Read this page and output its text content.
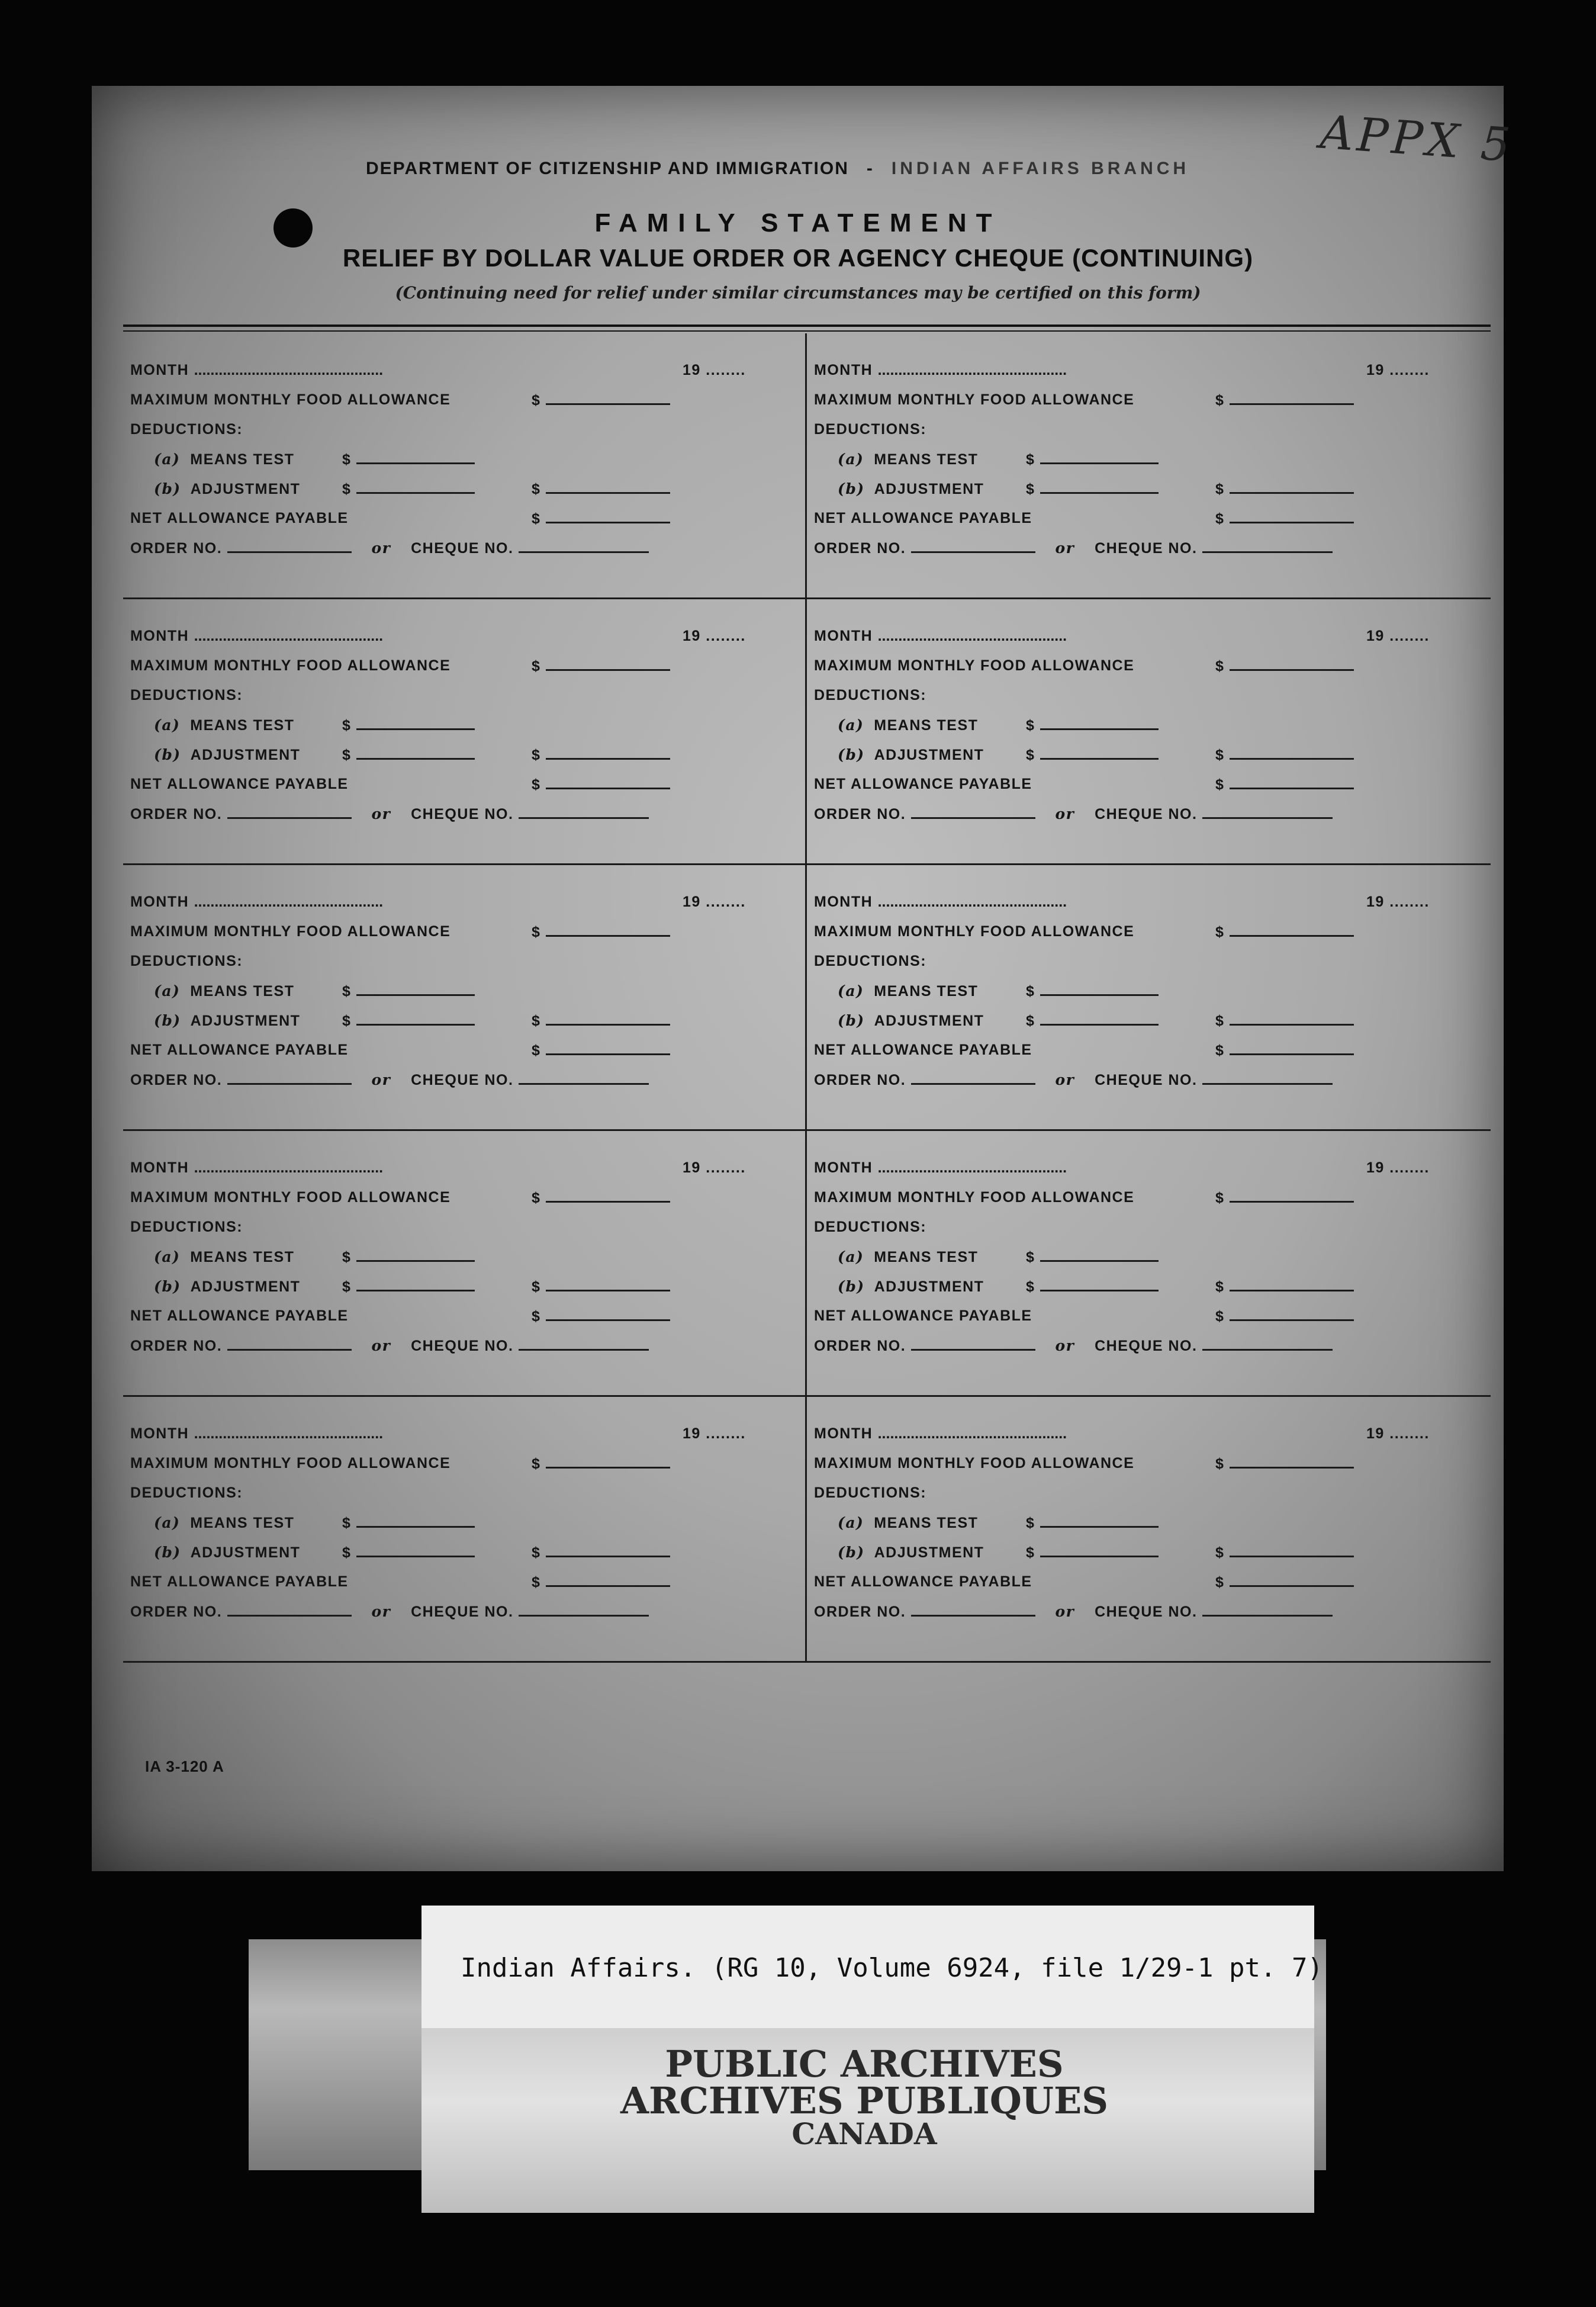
APPX 5
DEPARTMENT OF CITIZENSHIP AND IMMIGRATION - INDIAN AFFAIRS BRANCH
FAMILY STATEMENT
RELIEF BY DOLLAR VALUE ORDER OR AGENCY CHEQUE (CONTINUING)
(Continuing need for relief under similar circumstances may be certified on this form)
MONTH ..............................................	19 ........
MAXIMUM MONTHLY FOOD ALLOWANCE	$
DEDUCTIONS:
(a) MEANS TEST	$
(b) ADJUSTMENT	$	$
NET ALLOWANCE PAYABLE	$
ORDER NO.	or CHEQUE NO.
MONTH ..............................................	19 ........
MAXIMUM MONTHLY FOOD ALLOWANCE	$
DEDUCTIONS:
(a) MEANS TEST	$
(b) ADJUSTMENT	$	$
NET ALLOWANCE PAYABLE	$
ORDER NO.	or CHEQUE NO.
MONTH ..............................................	19 ........
MAXIMUM MONTHLY FOOD ALLOWANCE	$
DEDUCTIONS:
(a) MEANS TEST	$
(b) ADJUSTMENT	$	$
NET ALLOWANCE PAYABLE	$
ORDER NO.	or CHEQUE NO.
MONTH ..............................................	19 ........
MAXIMUM MONTHLY FOOD ALLOWANCE	$
DEDUCTIONS:
(a) MEANS TEST	$
(b) ADJUSTMENT	$	$
NET ALLOWANCE PAYABLE	$
ORDER NO.	or CHEQUE NO.
MONTH ..............................................	19 ........
MAXIMUM MONTHLY FOOD ALLOWANCE	$
DEDUCTIONS:
(a) MEANS TEST	$
(b) ADJUSTMENT	$	$
NET ALLOWANCE PAYABLE	$
ORDER NO.	or CHEQUE NO.
MONTH ..............................................	19 ........
MAXIMUM MONTHLY FOOD ALLOWANCE	$
DEDUCTIONS:
(a) MEANS TEST	$
(b) ADJUSTMENT	$	$
NET ALLOWANCE PAYABLE	$
ORDER NO.	or CHEQUE NO.
MONTH ..............................................	19 ........
MAXIMUM MONTHLY FOOD ALLOWANCE	$
DEDUCTIONS:
(a) MEANS TEST	$
(b) ADJUSTMENT	$	$
NET ALLOWANCE PAYABLE	$
ORDER NO.	or CHEQUE NO.
MONTH ..............................................	19 ........
MAXIMUM MONTHLY FOOD ALLOWANCE	$
DEDUCTIONS:
(a) MEANS TEST	$
(b) ADJUSTMENT	$	$
NET ALLOWANCE PAYABLE	$
ORDER NO.	or CHEQUE NO.
MONTH ..............................................	19 ........
MAXIMUM MONTHLY FOOD ALLOWANCE	$
DEDUCTIONS:
(a) MEANS TEST	$
(b) ADJUSTMENT	$	$
NET ALLOWANCE PAYABLE	$
ORDER NO.	or CHEQUE NO.
MONTH ..............................................	19 ........
MAXIMUM MONTHLY FOOD ALLOWANCE	$
DEDUCTIONS:
(a) MEANS TEST	$
(b) ADJUSTMENT	$	$
NET ALLOWANCE PAYABLE	$
ORDER NO.	or CHEQUE NO.
IA 3-120 A
Indian Affairs. (RG 10, Volume 6924, file 1/29-1 pt. 7)
PUBLIC ARCHIVES
ARCHIVES PUBLIQUES
CANADA
